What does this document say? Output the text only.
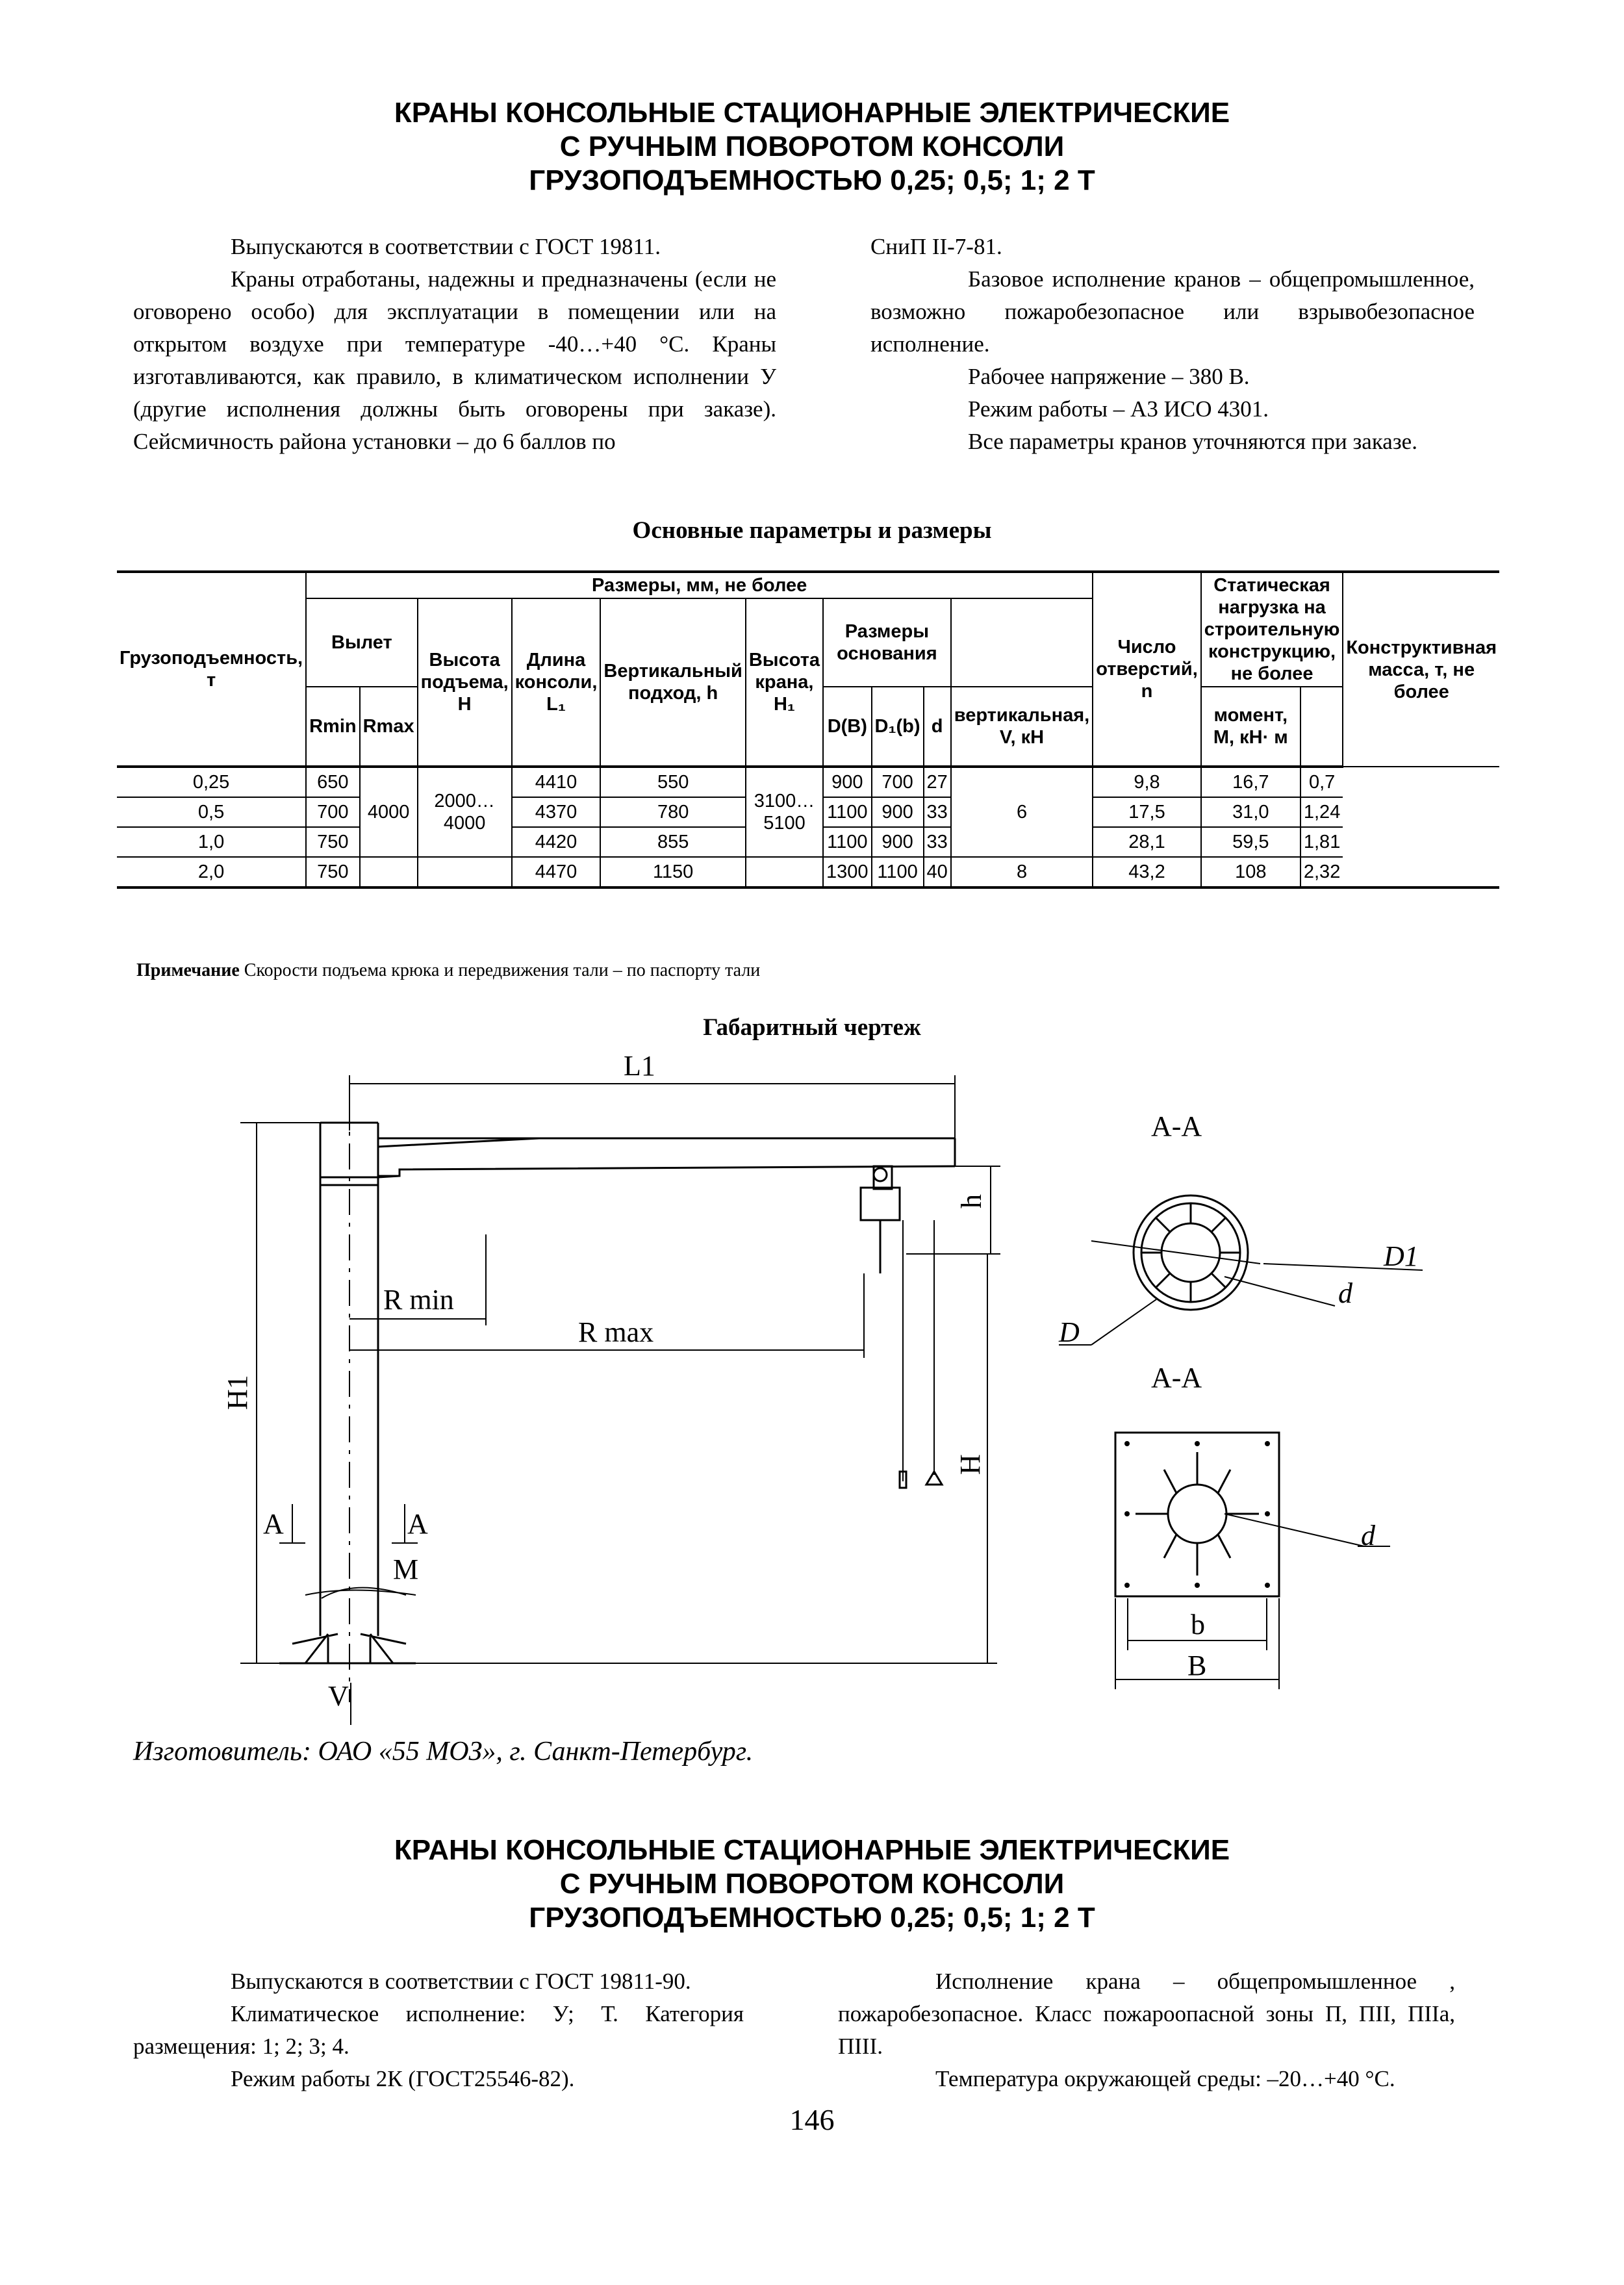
КРАНЫ КОНСОЛЬНЫЕ СТАЦИОНАРНЫЕ ЭЛЕКТРИЧЕСКИЕ
С РУЧНЫМ ПОВОРОТОМ КОНСОЛИ
ГРУЗОПОДЪЕМНОСТЬЮ 0,25; 0,5; 1; 2 Т

Выпускаются в соответствии с ГОСТ 19811.

Краны отработаны, надежны и предназначены (если не оговорено особо) для эксплуатации в помещении или на открытом воздухе при температуре -40…+40 °С. Краны изготавливаются, как правило, в климатическом исполнении У (другие исполнения должны быть оговорены при заказе). Сейсмичность района установки – до 6 баллов по

СниП II-7-81.

Базовое исполнение кранов – общепромышленное, возможно пожаробезопасное или взрывобезопасное исполнение.

Рабочее напряжение – 380 В.

Режим работы – А3 ИСО 4301.

Все параметры кранов уточняются при заказе.

Основные параметры и размеры
Грузоподъемность, т	Размеры, мм, не более										Число отверстий, n	Статическая нагрузка на строительную конструкцию, не более		Конструктивная масса, т, не более
	Вылет		Высота подъема, H	Длина консоли, L₁	Вертикальный подход, h	Высота крана, H₁	Размеры основания							
	Rmin	Rmax					D(B)	D₁(b)	d	вертикальная, V, кН		момент, М, кН· м		
0,25	650	4000	2000… 4000	4410	550	3100… 5100	900	700	27	6	9,8	16,7	0,7	
0,5	700			4370	780		1100	900	33		17,5	31,0	1,24	
1,0	750			4420	855		1100	900	33		28,1	59,5	1,81	
2,0	750			4470	1150		1300	1100	40	8	43,2	108	2,32	
Примечание Скорости подъема крюка и передвижения тали – по паспорту тали
Габаритный чертеж
L1
h
R min
R max
H1
H
A	A
M
V
А-А
А-А
D1
d
D
d
b
B
Изготовитель: ОАО «55 МОЗ», г. Санкт-Петербург.
КРАНЫ КОНСОЛЬНЫЕ СТАЦИОНАРНЫЕ ЭЛЕКТРИЧЕСКИЕ
С РУЧНЫМ ПОВОРОТОМ КОНСОЛИ
ГРУЗОПОДЪЕМНОСТЬЮ 0,25; 0,5; 1; 2 Т

Выпускаются в соответствии с ГОСТ 19811-90.

Климатическое исполнение: У; Т. Категория размещения: 1; 2; 3; 4.

Режим работы 2К (ГОСТ25546-82).

Исполнение крана – общепромышленное , пожаробезопасное. Класс пожароопасной зоны П, ПII, ПIIа, ПIII.

Температура окружающей среды: –20…+40 °С.

146
